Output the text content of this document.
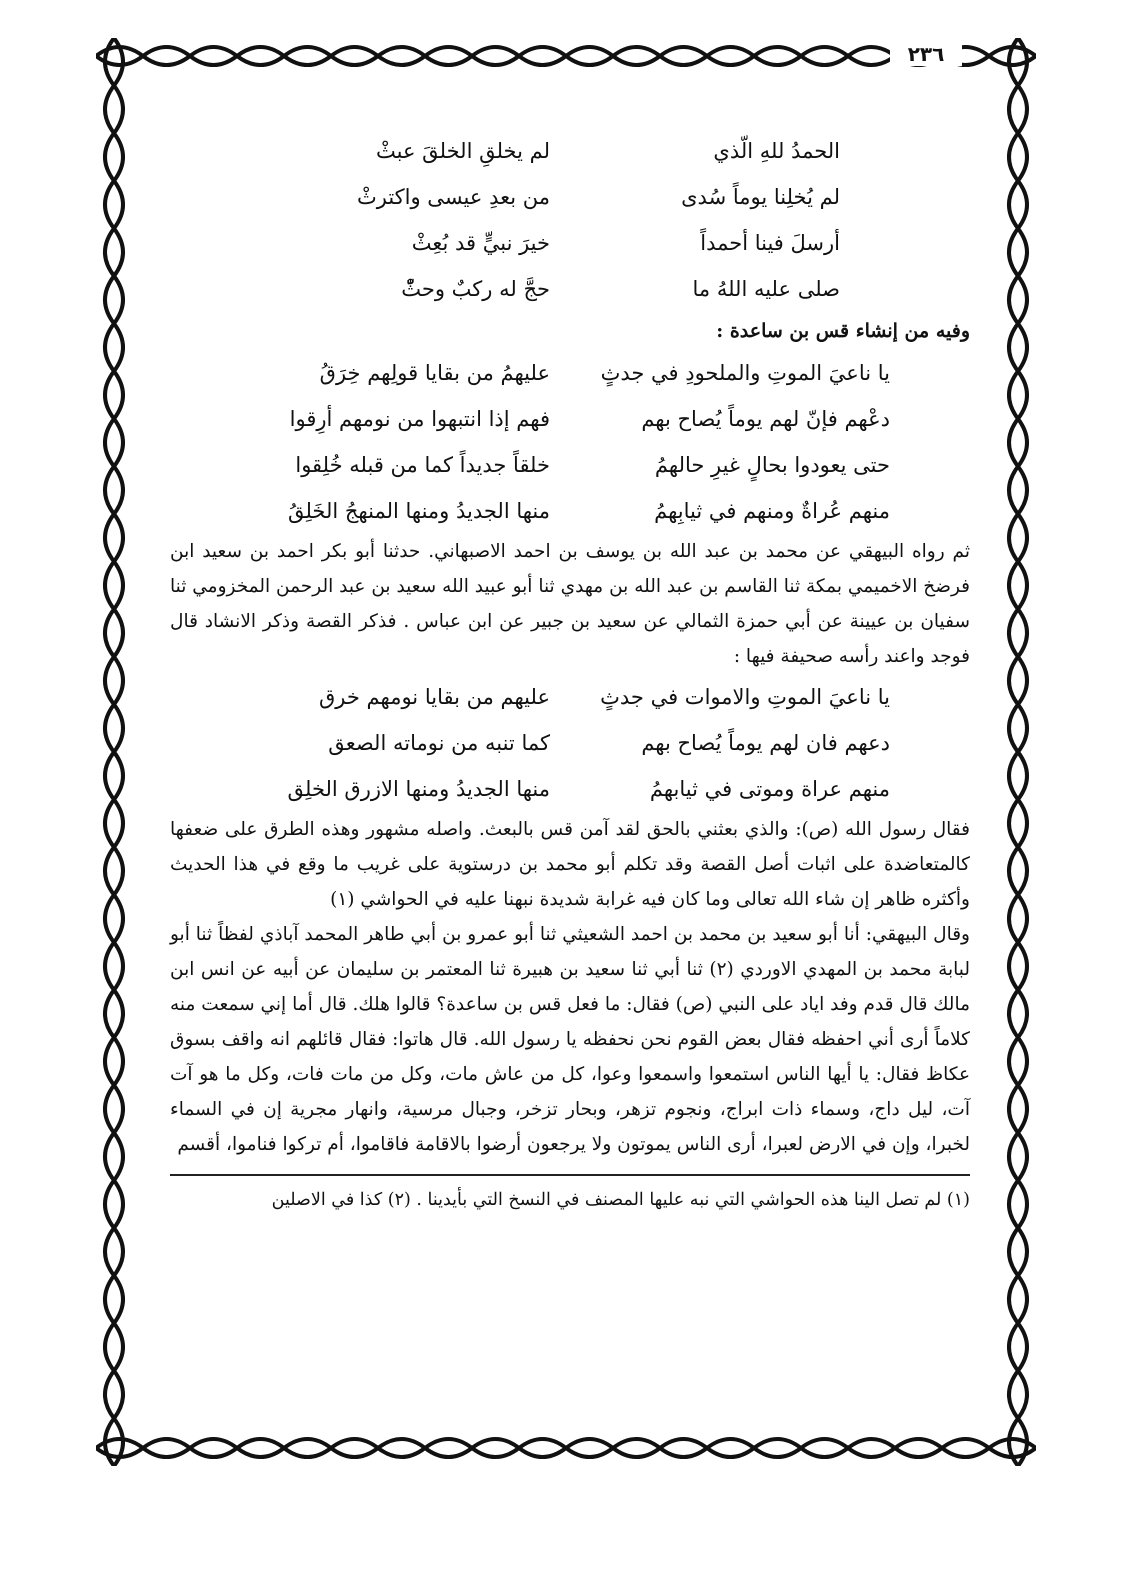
٢٣٦
الحمدُ للهِ الّذي
لم يخلقِ الخلقَ عبثْ
لم يُخلِنا يوماً سُدى
من بعدِ عيسى واكترثْ
أرسلَ فينا أحمداً
خيرَ نبيٍّ قد بُعِثْ
صلى عليه اللهُ ما
حجَّ له ركبٌ وحثّْ

وفيه من إنشاء قس بن ساعدة :

يا ناعيَ الموتِ والملحودِ في جدثٍ
عليهمُ من بقايا قولِهم خِرَقُ
دعْهم فإنّ لهم يوماً يُصاح بهم
فهم إذا انتبهوا من نومهم أرِقوا
حتى يعودوا بحالٍ غيرِ حالهمُ
خلقاً جديداً كما من قبله خُلِقوا
منهم عُراةٌ ومنهم في ثيابِهمُ
منها الجديدُ ومنها المنهجُ الخَلِقُ

ثم رواه البيهقي عن محمد بن عبد الله بن يوسف بن احمد الاصبهاني. حدثنا أبو بكر احمد بن سعيد ابن فرضخ الاخميمي بمكة ثنا القاسم بن عبد الله بن مهدي ثنا أبو عبيد الله سعيد بن عبد الرحمن المخزومي ثنا سفيان بن عيينة عن أبي حمزة الثمالي عن سعيد بن جبير عن ابن عباس . فذكر القصة وذكر الانشاد قال فوجد واعند رأسه صحيفة فيها :

يا ناعيَ الموتِ والاموات في جدثٍ
عليهم من بقايا نومهم خرق
دعهم فان لهم يوماً يُصاح بهم
كما تنبه من نوماته الصعق
منهم عراة وموتى في ثيابهمُ
منها الجديدُ ومنها الازرق الخلِق

فقال رسول الله (ص): والذي بعثني بالحق لقد آمن قس بالبعث. واصله مشهور وهذه الطرق على ضعفها كالمتعاضدة على اثبات أصل القصة وقد تكلم أبو محمد بن درستوية على غريب ما وقع في هذا الحديث وأكثره ظاهر إن شاء الله تعالى وما كان فيه غرابة شديدة نبهنا عليه في الحواشي (١)

وقال البيهقي: أنا أبو سعيد بن محمد بن احمد الشعيثي ثنا أبو عمرو بن أبي طاهر المحمد آباذي لفظاً ثنا أبو لبابة محمد بن المهدي الاوردي (٢) ثنا أبي ثنا سعيد بن هبيرة ثنا المعتمر بن سليمان عن أبيه عن انس ابن مالك قال قدم وفد اياد على النبي (ص) فقال: ما فعل قس بن ساعدة؟ قالوا هلك. قال أما إني سمعت منه كلاماً أرى أني احفظه فقال بعض القوم نحن نحفظه يا رسول الله. قال هاتوا: فقال قائلهم انه واقف بسوق عكاظ فقال: يا أيها الناس استمعوا واسمعوا وعوا، كل من عاش مات، وكل من مات فات، وكل ما هو آت آت، ليل داج، وسماء ذات ابراج، ونجوم تزهر، وبحار تزخر، وجبال مرسية، وانهار مجرية إن في السماء لخبرا، وإن في الارض لعبرا، أرى الناس يموتون ولا يرجعون أرضوا بالاقامة فاقاموا، أم تركوا فناموا، أقسم

(١) لم تصل الينا هذه الحواشي التي نبه عليها المصنف في النسخ التي بأيدينا . (٢) كذا في الاصلين
